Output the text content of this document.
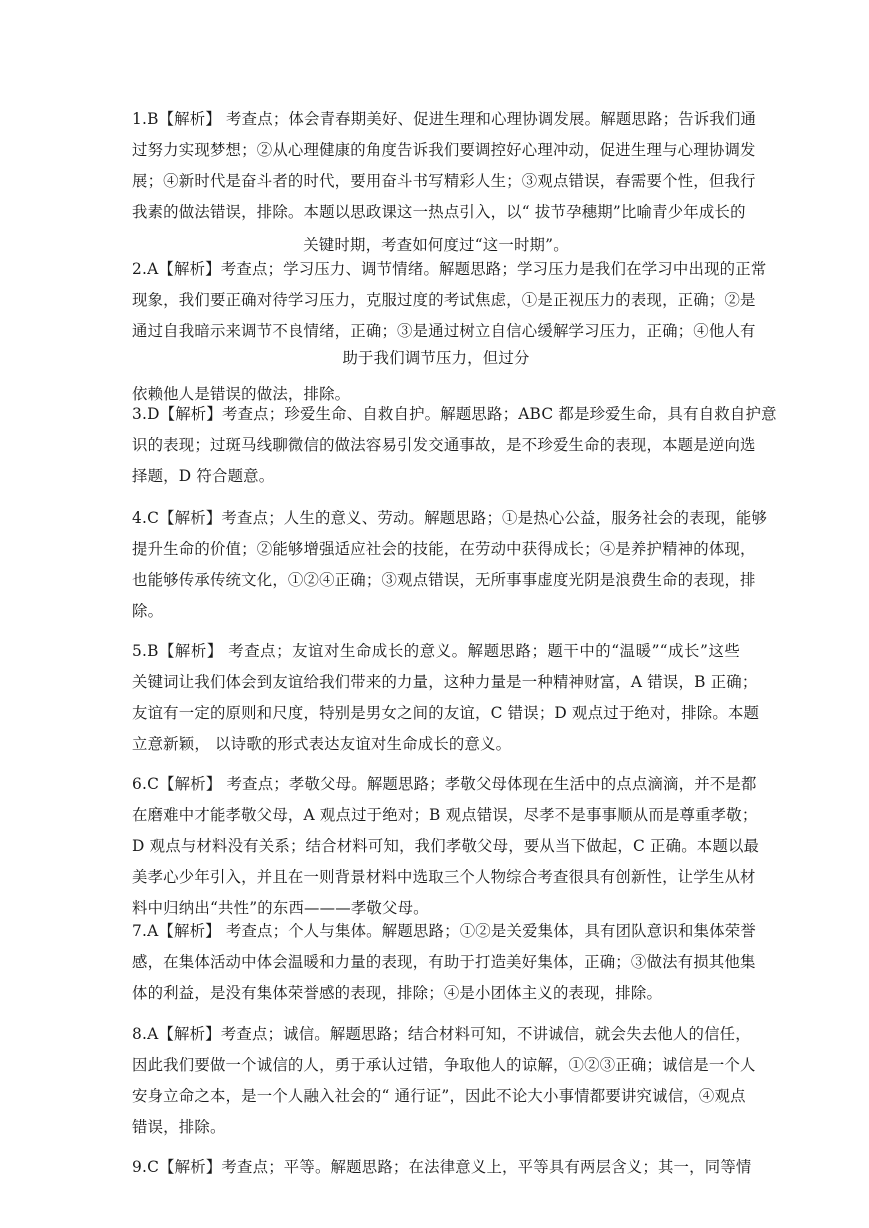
1.B【解析】 考查点；体会青春期美好、促进生理和心理协调发展。解题思路；告诉我们通
过努力实现梦想；②从心理健康的角度告诉我们要调控好心理冲动，促进生理与心理协调发
展；④新时代是奋斗者的时代，要用奋斗书写精彩人生；③观点错误，春需要个性，但我行
我素的做法错误，排除。本题以思政课这一热点引入，以“ 拔节孕穗期”比喻青少年成长的
关键时期，考查如何度过“这一时期”。
2.A【解析】考查点；学习压力、调节情绪。解题思路；学习压力是我们在学习中出现的正常
现象，我们要正确对待学习压力，克服过度的考试焦虑，①是正视压力的表现，正确；②是
通过自我暗示来调节不良情绪，正确；③是通过树立自信心缓解学习压力，正确；④他人有
助于我们调节压力，但过分
依赖他人是错误的做法，排除。
3.D【解析】考查点；珍爱生命、自救自护。解题思路；ABC 都是珍爱生命，具有自救自护意
识的表现；过斑马线聊微信的做法容易引发交通事故，是不珍爱生命的表现，本题是逆向选
择题，D 符合题意。
4.C【解析】考查点；人生的意义、劳动。解题思路；①是热心公益，服务社会的表现，能够
提升生命的价值；②能够增强适应社会的技能，在劳动中获得成长；④是养护精神的体现，
也能够传承传统文化，①②④正确；③观点错误，无所事事虚度光阴是浪费生命的表现，排
除。
5.B【解析】 考查点；友谊对生命成长的意义。解题思路；题干中的“温暖”“成长”这些
关键词让我们体会到友谊给我们带来的力量，这种力量是一种精神财富，A 错误，B 正确；
友谊有一定的原则和尺度，特别是男女之间的友谊，C 错误；D 观点过于绝对，排除。本题
立意新颖， 以诗歌的形式表达友谊对生命成长的意义。
6.C【解析】 考查点；孝敬父母。解题思路；孝敬父母体现在生活中的点点滴滴，并不是都
在磨难中才能孝敬父母，A 观点过于绝对；B 观点错误，尽孝不是事事顺从而是尊重孝敬；
D 观点与材料没有关系；结合材料可知，我们孝敬父母，要从当下做起，C 正确。本题以最
美孝心少年引入，并且在一则背景材料中选取三个人物综合考查很具有创新性，让学生从材
料中归纳出“共性”的东西———孝敬父母。
7.A【解析】 考查点；个人与集体。解题思路；①②是关爱集体，具有团队意识和集体荣誉
感，在集体活动中体会温暖和力量的表现，有助于打造美好集体，正确；③做法有损其他集
体的利益，是没有集体荣誉感的表现，排除；④是小团体主义的表现，排除。
8.A【解析】考查点；诚信。解题思路；结合材料可知，不讲诚信，就会失去他人的信任，
因此我们要做一个诚信的人，勇于承认过错，争取他人的谅解，①②③正确；诚信是一个人
安身立命之本，是一个人融入社会的“ 通行证”，因此不论大小事情都要讲究诚信，④观点
错误，排除。
9.C【解析】考查点；平等。解题思路；在法律意义上，平等具有两层含义；其一，同等情
